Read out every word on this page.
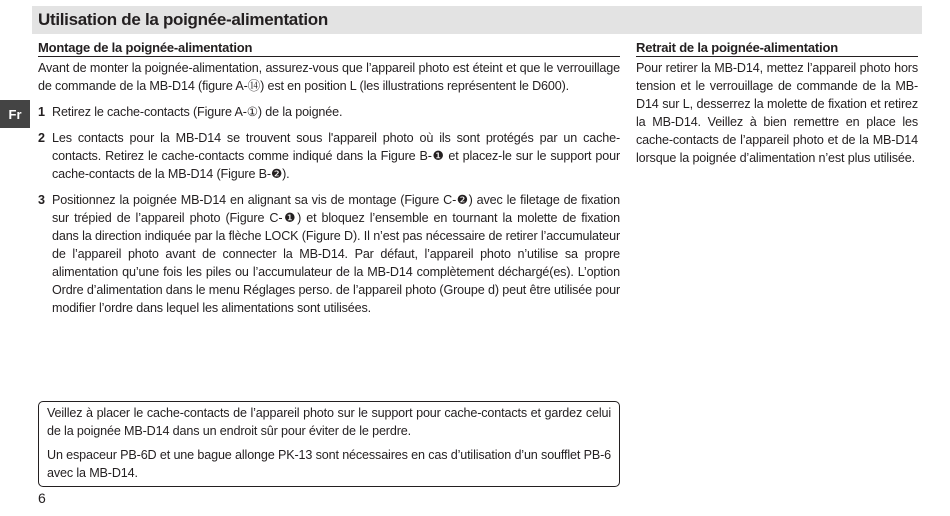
Utilisation de la poignée-alimentation
Fr
Montage de la poignée-alimentation

Avant de monter la poignée-alimentation, assurez-vous que l’appareil photo est éteint et que le verrouillage de commande de la MB-D14 (figure A-⑭) est en position L (les illustrations représentent le D600).

1 Retirez le cache-contacts (Figure A-①) de la poignée.

2 Les contacts pour la MB-D14 se trouvent sous l'appareil photo où ils sont protégés par un cache-contacts. Retirez le cache-contacts comme indiqué dans la Figure B-❶ et placez-le sur le support pour cache-contacts de la MB-D14 (Figure B-❷).

3 Positionnez la poignée MB-D14 en alignant sa vis de montage (Figure C-❷) avec le filetage de fixation sur trépied de l’appareil photo (Figure C-❶) et bloquez l’ensemble en tournant la molette de fixation dans la direction indiquée par la flèche LOCK (Figure D). Il n’est pas nécessaire de retirer l’accumulateur de l’appareil photo avant de connecter la MB-D14. Par défaut, l’appareil photo n’utilise sa propre alimentation qu’une fois les piles ou l’accumulateur de la MB-D14 complètement déchargé(es). L’option Ordre d’alimentation dans le menu Réglages perso. de l’appareil photo (Groupe d) peut être utilisée pour modifier l’ordre dans lequel les alimentations sont utilisées.

Retrait de la poignée-alimentation

Pour retirer la MB-D14, mettez l’appareil photo hors tension et le verrouillage de commande de la MB-D14 sur L, desserrez la molette de fixation et retirez la MB-D14. Veillez à bien remettre en place les cache-contacts de l’appareil photo et de la MB-D14 lorsque la poignée d’alimentation n’est plus utilisée.

Veillez à placer le cache-contacts de l’appareil photo sur le support pour cache-contacts et gardez celui de la poignée MB-D14 dans un endroit sûr pour éviter de le perdre.

Un espaceur PB-6D et une bague allonge PK-13 sont nécessaires en cas d’utilisation d’un soufflet PB-6 avec la MB-D14.

6
